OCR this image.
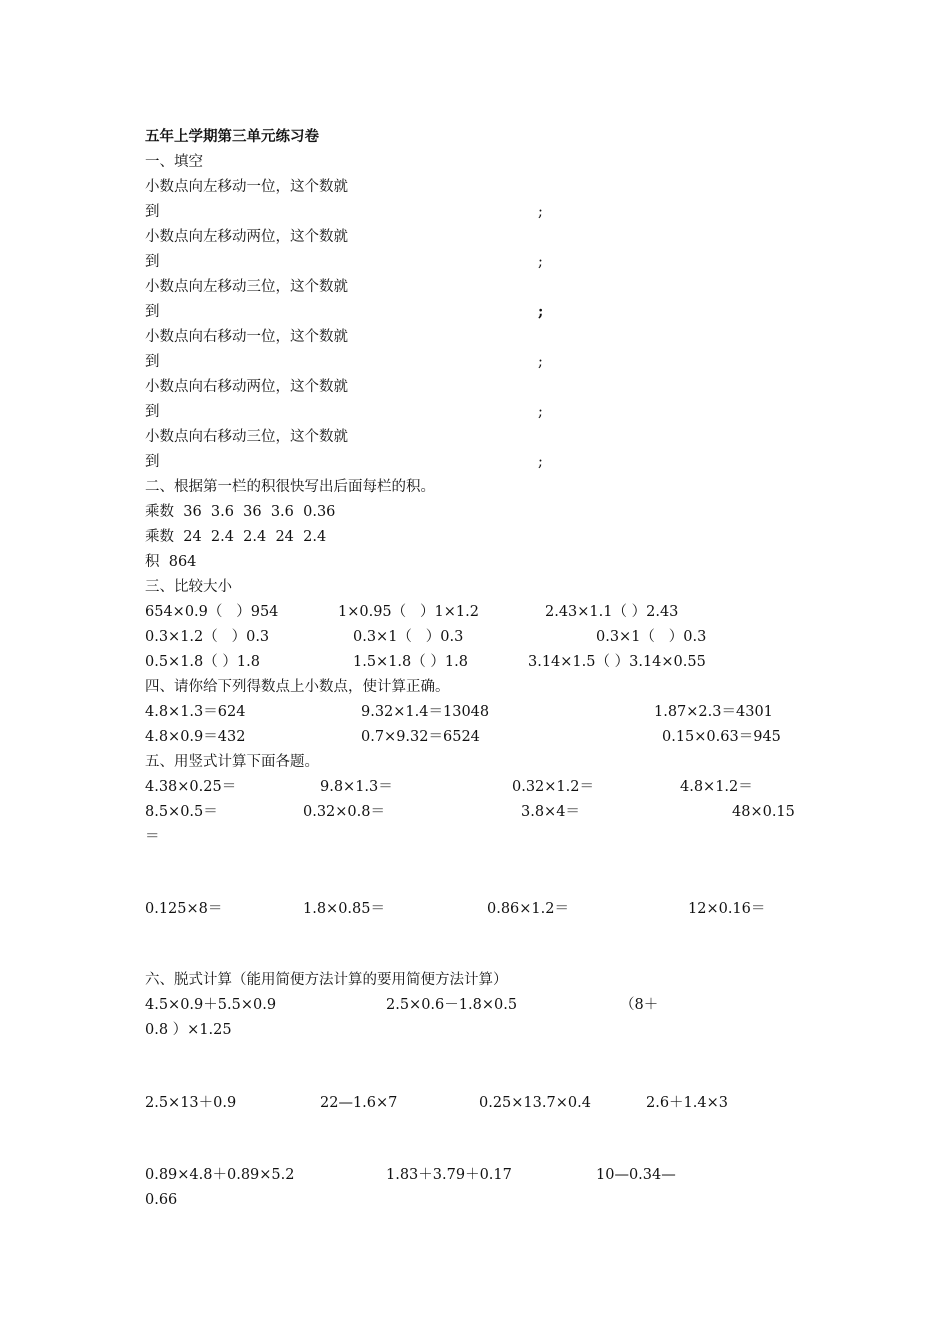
五年上学期第三单元练习卷
一、填空
小数点向左移动一位，这个数就
到	;
小数点向左移动两位，这个数就
到	;
小数点向左移动三位，这个数就
到	;
小数点向右移动一位，这个数就
到	;
小数点向右移动两位，这个数就
到	;
小数点向右移动三位，这个数就
到	;
二、根据第一栏的积很快写出后面每栏的积。
乘数  36  3.6  36  3.6  0.36
乘数  24  2.4  2.4  24  2.4
积  864
三、比较大小
654×0.9（   ）954	1×0.95（   ）1×1.2	2.43×1.1（ ）2.43
0.3×1.2（   ）0.3	0.3×1（   ）0.3	0.3×1（   ）0.3
0.5×1.8（ ）1.8	1.5×1.8（ ）1.8	3.14×1.5（ ）3.14×0.55
四、请你给下列得数点上小数点，使计算正确。
4.8×1.3＝624	9.32×1.4＝13048	1.87×2.3＝4301
4.8×0.9＝432	0.7×9.32＝6524	0.15×0.63＝945
五、用竖式计算下面各题。
4.38×0.25＝	9.8×1.3＝	0.32×1.2＝	4.8×1.2＝
8.5×0.5＝	0.32×0.8＝	3.8×4＝	48×0.15
＝
0.125×8＝	1.8×0.85＝	0.86×1.2＝	12×0.16＝
六、脱式计算（能用简便方法计算的要用简便方法计算）
4.5×0.9＋5.5×0.9	2.5×0.6－1.8×0.5	（8＋
0.8 ）×1.25
2.5×13＋0.9	22—1.6×7	0.25×13.7×0.4	2.6＋1.4×3
0.89×4.8＋0.89×5.2	1.83＋3.79＋0.17	10—0.34—
0.66
